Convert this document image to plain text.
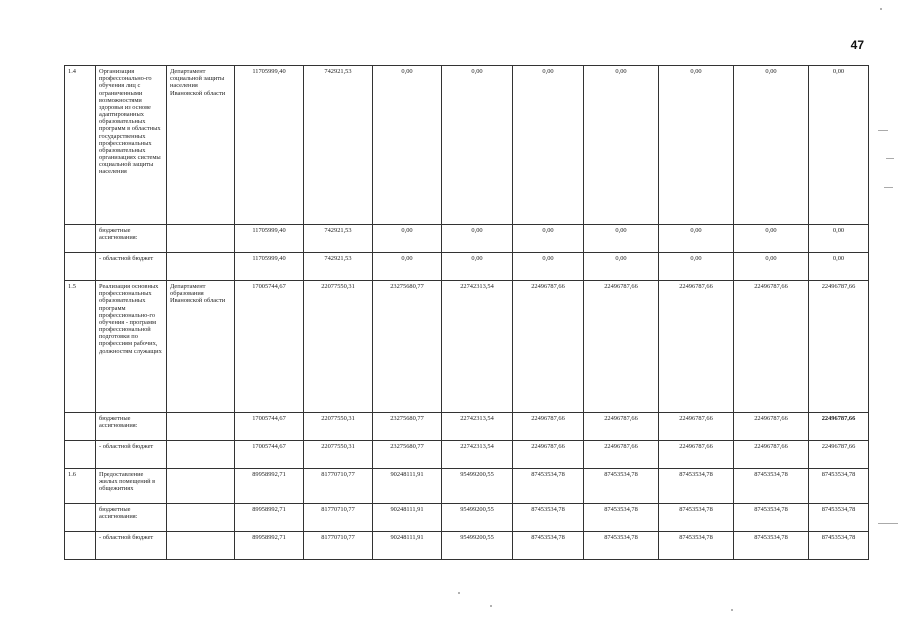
47
1.4	Организация профессонально-го обучения лиц с ограниченными возможностями здоровья из основе адаптированных образовательных программ в областных государственных профессиональных образовательных организациях системы социальной защиты населения	Департамент социальной защиты населения Ивановской области	11705999,40	742921,53	0,00	0,00	0,00	0,00	0,00	0,00	0,00
	бюджетные ассигнования:		11705999,40	742921,53	0,00	0,00	0,00	0,00	0,00	0,00	0,00
	- областной бюджет		11705999,40	742921,53	0,00	0,00	0,00	0,00	0,00	0,00	0,00
1.5	Реализация основных профессиональных образовательных программ профессионально-го обучения - программ профессиональной подготовки по профессиям рабочих, должностям служащих	Департамент образования Ивановской области	17005744,67	22077550,31	23275680,77	22742313,54	22496787,66	22496787,66	22496787,66	22496787,66	22496787,66
	бюджетные ассигнования:		17005744,67	22077550,31	23275680,77	22742313,54	22496787,66	22496787,66	22496787,66	22496787,66	22496787,66
	- областной бюджет		17005744,67	22077550,31	23275680,77	22742313,54	22496787,66	22496787,66	22496787,66	22496787,66	22496787,66
1.6	Предоставление жилых помещений в общежитиях		89958992,71	81770710,77	90248111,91	95499200,55	87453534,78	87453534,78	87453534,78	87453534,78	87453534,78
	бюджетные ассигнования:		89958992,71	81770710,77	90248111,91	95499200,55	87453534,78	87453534,78	87453534,78	87453534,78	87453534,78
	- областной бюджет		89958992,71	81770710,77	90248111,91	95499200,55	87453534,78	87453534,78	87453534,78	87453534,78	87453534,78
